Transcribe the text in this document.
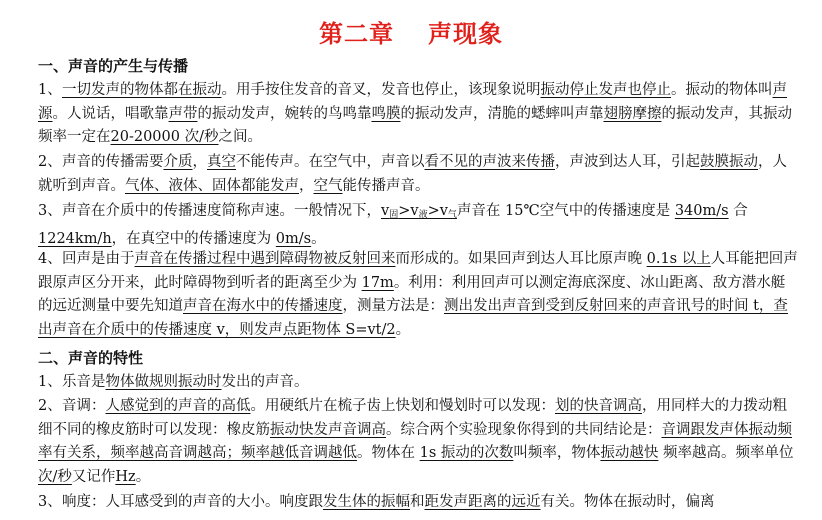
第二章 声现象
一、声音的产生与传播
1、一切发声的物体都在振动。用手按住发音的音叉，发音也停止，该现象说明振动停止发声也停止。振动的物体叫声源。人说话，唱歌靠声带的振动发声，婉转的鸟鸣靠鸣膜的振动发声，清脆的蟋蟀叫声靠翅膀摩擦的振动发声，其振动频率一定在20-20000 次/秒之间。
2、声音的传播需要介质，真空不能传声。在空气中，声音以看不见的声波来传播，声波到达人耳，引起鼓膜振动，人就听到声音。气体、液体、固体都能发声，空气能传播声音。
3、声音在介质中的传播速度简称声速。一般情况下，$v_固>v_液>v_气$声音在 15℃空气中的传播速度是 340m/s 合 1224km/h，在真空中的传播速度为 0m/s。
4、回声是由于声音在传播过程中遇到障碍物被反射回来而形成的。如果回声到达人耳比原声晚 0.1s 以上人耳能把回声跟原声区分开来，此时障碍物到听者的距离至少为 17m。利用：利用回声可以测定海底深度、冰山距离、敌方潜水艇的远近测量中要先知道声音在海水中的传播速度，测量方法是：测出发出声音到受到反射回来的声音讯号的时间 t，查出声音在介质中的传播速度 v，则发声点距物体 S=vt/2。
二、声音的特性
1、乐音是物体做规则振动时发出的声音。
2、音调：人感觉到的声音的高低。用硬纸片在梳子齿上快划和慢划时可以发现：划的快音调高，用同样大的力拨动粗细不同的橡皮筋时可以发现：橡皮筋振动快发声音调高。综合两个实验现象你得到的共同结论是：音调跟发声体振动频率有关系，频率越高音调越高；频率越低音调越低。物体在 1s 振动的次数叫频率，物体振动越快 频率越高。频率单位次/秒又记作Hz。
3、响度：人耳感受到的声音的大小。响度跟发生体的振幅和距发声距离的远近有关。物体在振动时，偏离
